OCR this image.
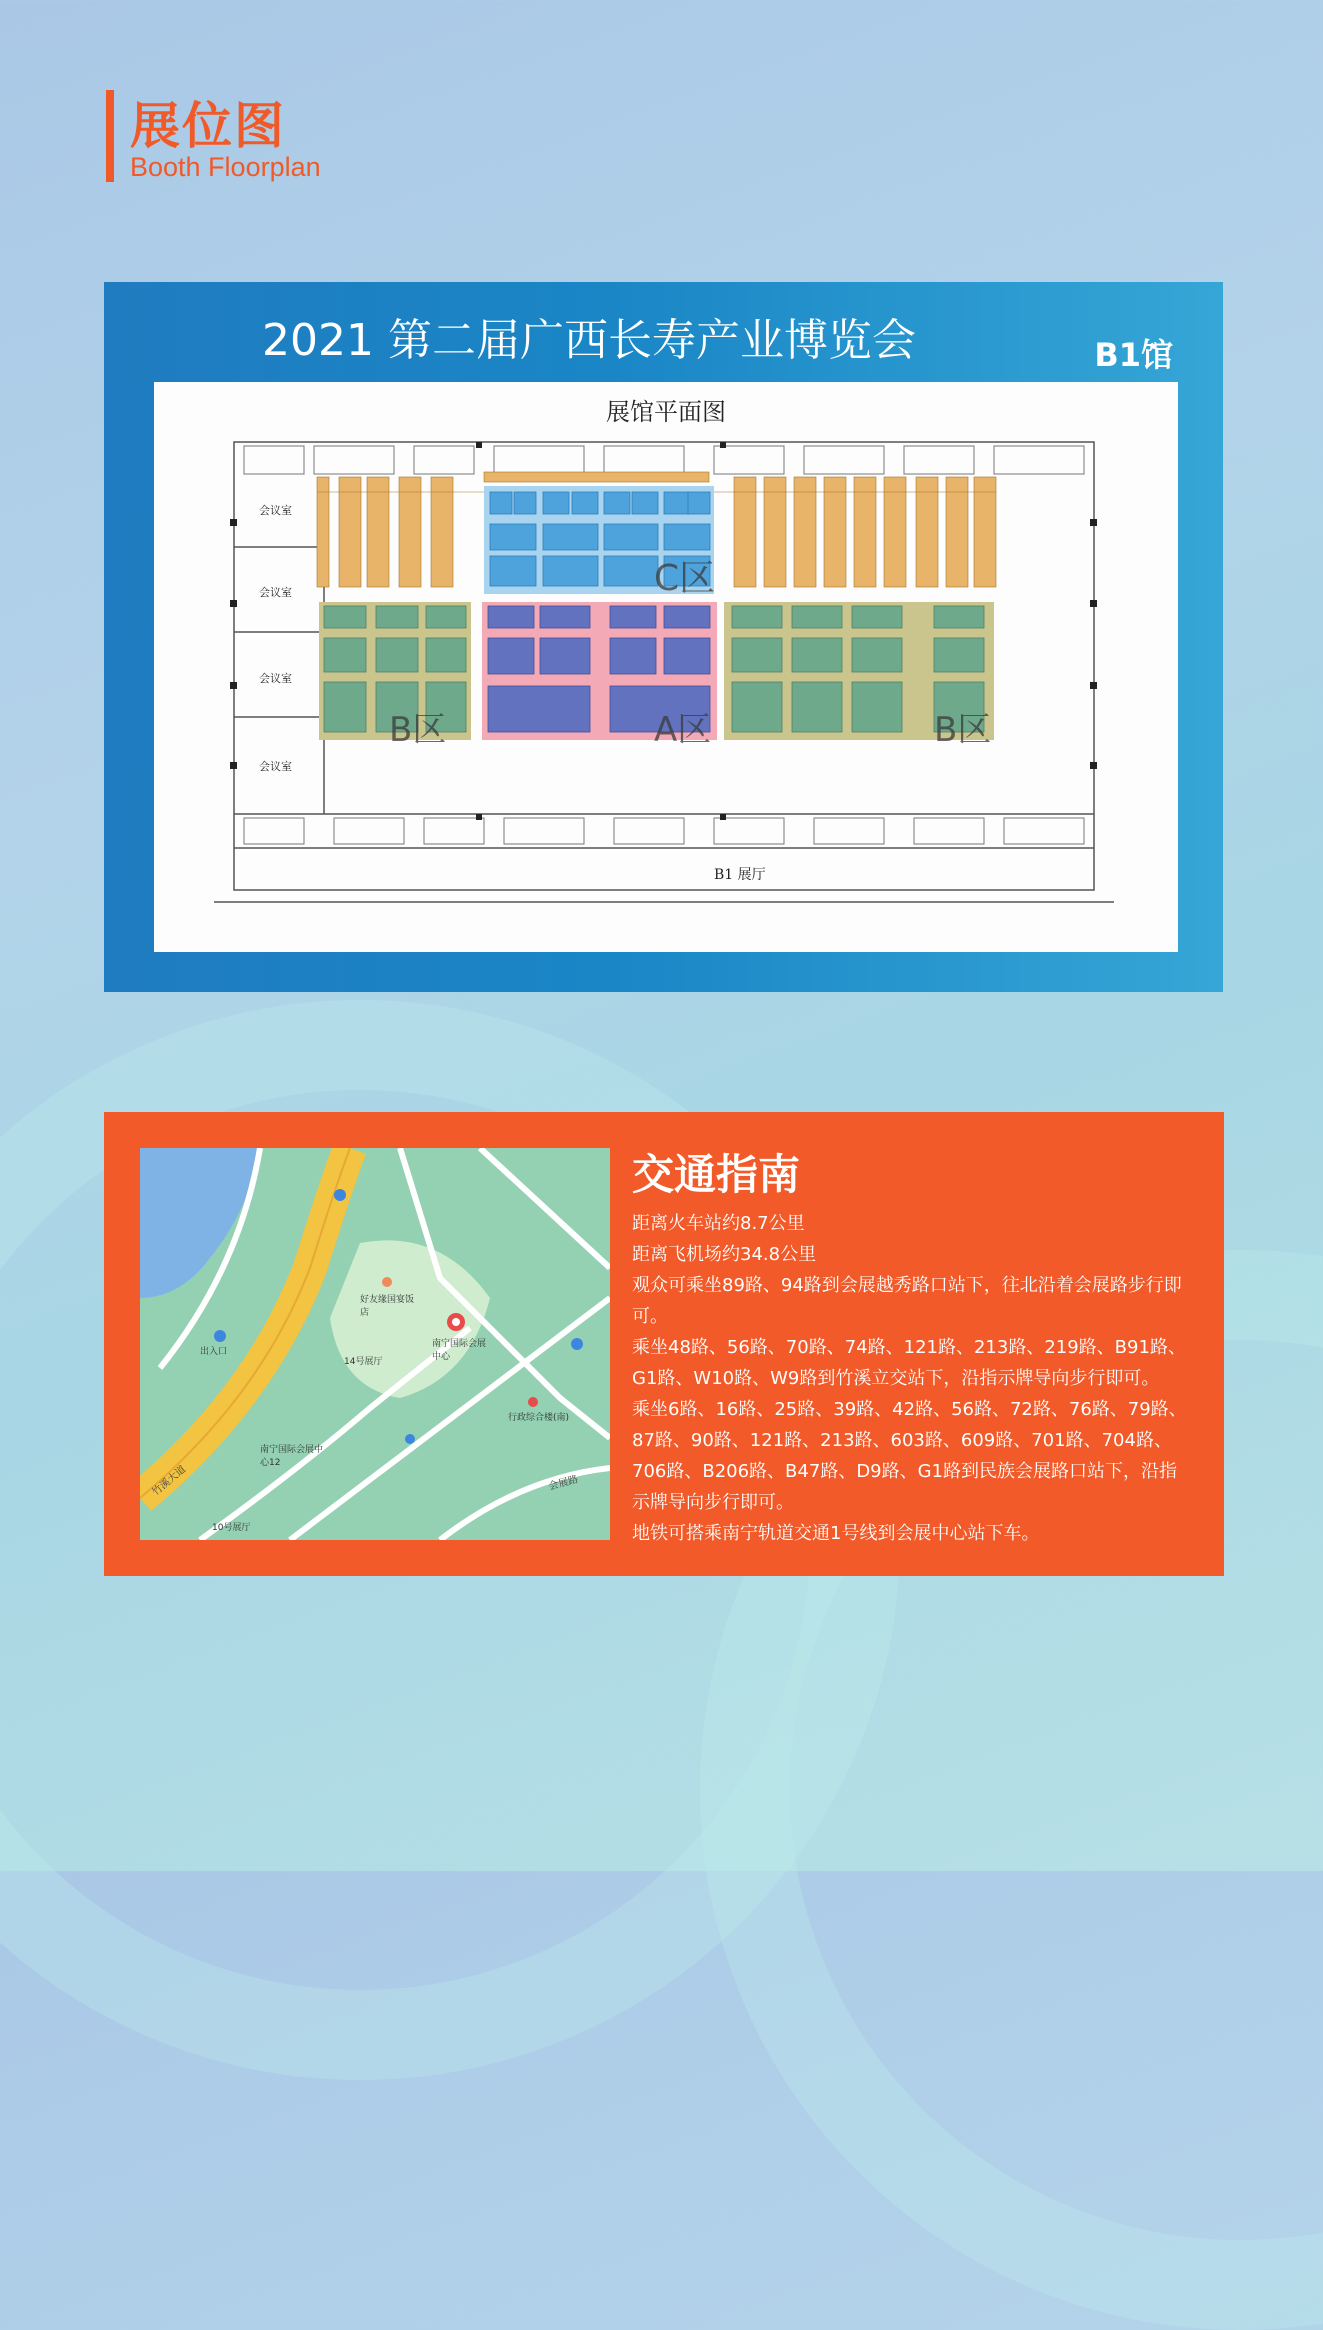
展位图
Booth Floorplan
2021 第二届广西长寿产业博览会	B1馆
展馆平面图
会议室
会议室
会议室
会议室
C区
B区	A区	B区
B1 展厅
南宁国际会展中心
好友缘国宴饭店
14号展厅
南宁国际会展中心12
10号展厅
行政综合楼(南)
出入口
竹溪大道	会展路
交通指南
距离火车站约8.7公里
距离飞机场约34.8公里
观众可乘坐89路、94路到会展越秀路口站下，往北沿着会展路步行即可。
乘坐48路、56路、70路、74路、121路、213路、219路、B91路、G1路、W10路、W9路到竹溪立交站下，沿指示牌导向步行即可。
乘坐6路、16路、25路、39路、42路、56路、72路、76路、79路、87路、90路、121路、213路、603路、609路、701路、704路、706路、B206路、B47路、D9路、G1路到民族会展路口站下，沿指示牌导向步行即可。
地铁可搭乘南宁轨道交通1号线到会展中心站下车。
